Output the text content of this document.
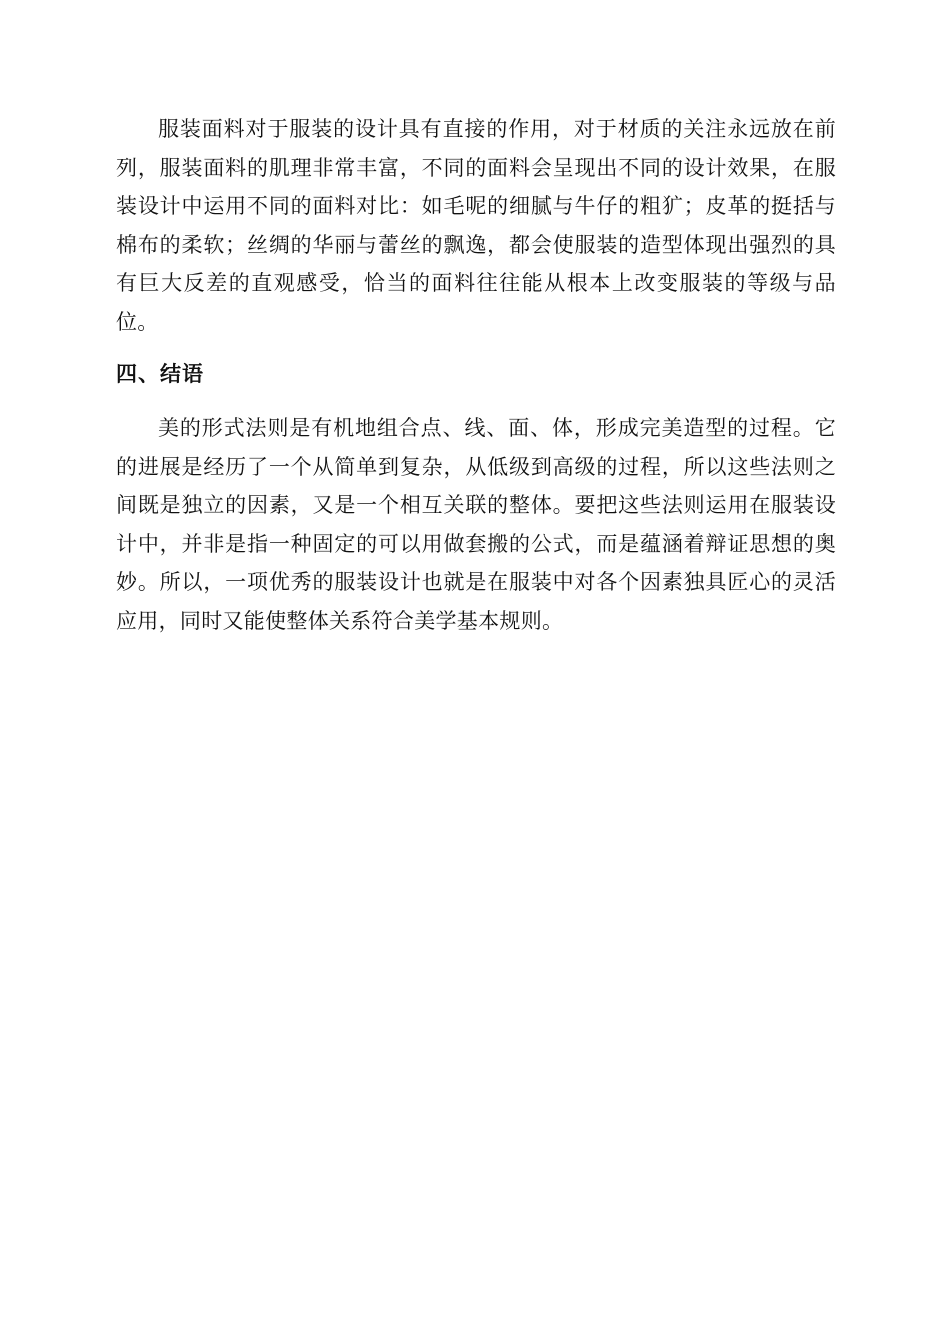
服装面料对于服装的设计具有直接的作用，对于材质的关注永远放在前列，服装面料的肌理非常丰富，不同的面料会呈现出不同的设计效果，在服装设计中运用不同的面料对比：如毛呢的细腻与牛仔的粗犷；皮革的挺括与棉布的柔软；丝绸的华丽与蕾丝的飘逸，都会使服装的造型体现出强烈的具有巨大反差的直观感受，恰当的面料往往能从根本上改变服装的等级与品位。

四、结语

美的形式法则是有机地组合点、线、面、体，形成完美造型的过程。它的进展是经历了一个从简单到复杂，从低级到高级的过程，所以这些法则之间既是独立的因素，又是一个相互关联的整体。要把这些法则运用在服装设计中，并非是指一种固定的可以用做套搬的公式，而是蕴涵着辩证思想的奥妙。所以，一项优秀的服装设计也就是在服装中对各个因素独具匠心的灵活应用，同时又能使整体关系符合美学基本规则。
